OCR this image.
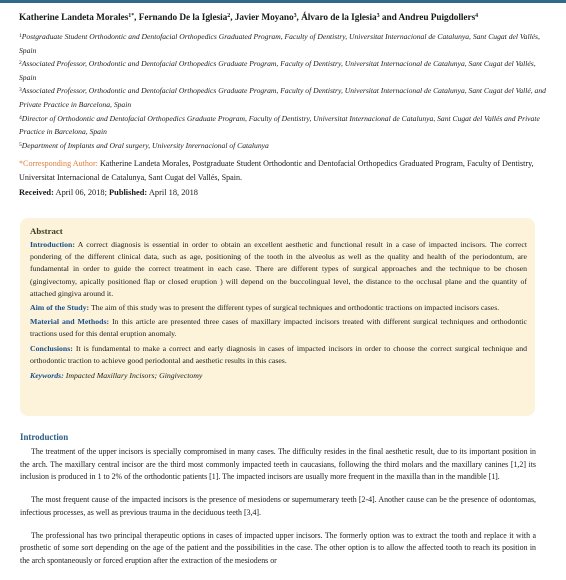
Katherine Landeta Morales$^{1*}$, Fernando De la Iglesia$^2$, Javier Moyano$^3$, Álvaro de la Iglesia$^3$ and Andreu Puigdollers$^4$
$^1$Postgraduate Student Orthodontic and Dentofacial Orthopedics Graduated Program, Faculty of Dentistry, Universitat Internacional de Catalunya, Sant Cugat del Vallés, Spain
$^2$Associated Professor, Orthodontic and Dentofacial Orthopedics Graduate Program, Faculty of Dentistry, Universitat Internacional de Catalunya, Sant Cugat del Vallés, Spain
$^3$Associated Professor, Orthodontic and Dentofacial Orthopedics Graduate Program, Faculty of Dentistry, Universitat Internacional de Catalunya, Sant Cugat del Vallé, and Private Practice in Barcelona, Spain
$^4$Director of Orthodontic and Dentofacial Orthopedics Graduate Program, Faculty of Dentistry, Universitat Internacional de Catalunya, Sant Cugat del Vallés and Private Practice in Barcelona, Spain
$^5$Department of Implants and Oral surgery, University Inrernacional of Catalunya
*Corresponding Author: Katherine Landeta Morales, Postgraduate Student Orthodontic and Dentofacial Orthopedics Graduated Program, Faculty of Dentistry, Universitat Internacional de Catalunya, Sant Cugat del Vallés, Spain.
Received: April 06, 2018; Published: April 18, 2018
Abstract

Introduction: A correct diagnosis is essential in order to obtain an excellent aesthetic and functional result in a case of impacted incisors. The correct pondering of the different clinical data, such as age, positioning of the tooth in the alveolus as well as the quality and health of the periodontum, are fundamental in order to guide the correct treatment in each case. There are different types of surgical approaches and the technique to be chosen (gingivectomy, apically positioned flap or closed eruption ) will depend on the buccolingual level, the distance to the occlusal plane and the quantity of attached gingiva around it.

Aim of the Study: The aim of this study was to present the different types of surgical techniques and orthodontic tractions on impacted incisors cases.

Material and Methods: In this article are presented three cases of maxillary impacted incisors treated with different surgical techniques and orthodontic tractions used for this dental eruption anomaly.

Conclusions: It is fundamental to make a correct and early diagnosis in cases of impacted incisors in order to choose the correct surgical technique and orthodontic traction to achieve good periodontal and aesthetic results in this cases.

Keywords: Impacted Maxillary Incisors; Gingivectomy
Introduction

The treatment of the upper incisors is specially compromised in many cases. The difficulty resides in the final aesthetic result, due to its important position in the arch. The maxillary central incisor are the third most commonly impacted teeth in caucasians, following the third molars and the maxillary canines [1,2] its inclusion is produced in 1 to 2% of the orthodontic patients [1]. The impacted incisors are usually more frequent in the maxilla than in the mandible [1].

The most frequent cause of the impacted incisors is the presence of mesiodens or supernumerary teeth [2-4]. Another cause can be the presence of odontomas, infectious processes, as well as previous trauma in the deciduous teeth [3,4].

The professional has two principal therapeutic options in cases of impacted upper incisors. The formerly option was to extract the tooth and replace it with a prosthetic of some sort depending on the age of the patient and the possibilities in the case. The other option is to allow the affected tooth to reach its position in the arch spontaneously or forced eruption after the extraction of the mesiodens or
